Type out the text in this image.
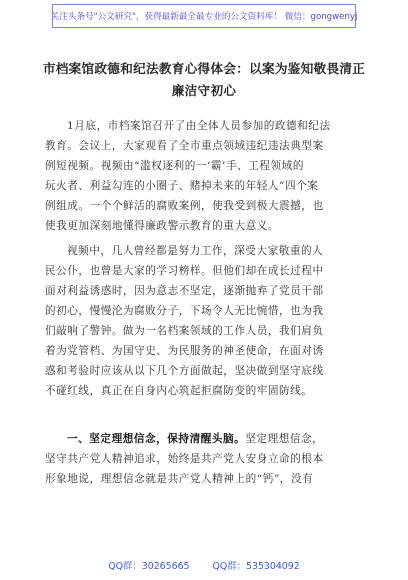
关注头条号"公文研究"，获得最新最全最专业的公文资料库！ 微信：gongwenyj
市档案馆政德和纪法教育心得体会：以案为鉴知敬畏清正
廉洁守初心
1月底，市档案馆召开了由全体人员参加的政德和纪法
教育。会议上，大家观看了全市重点领域违纪违法典型案
例短视频。视频由“滥权逐利的一‘霸’手、工程领域的
玩火者、利益勾连的小圈子、赌掉未来的年轻人”四个案
例组成。一个个鲜活的腐败案例，使我受到极大震撼，也
使我更加深刻地懂得廉政警示教育的重大意义。
视频中，几人曾经都是努力工作，深受大家敬重的人
民公仆，也曾是大家的学习榜样。但他们却在成长过程中
面对利益诱惑时，因为意志不坚定，逐渐抛弃了党员干部
的初心，慢慢沦为腐败分子，下场令人无比惋惜，也为我
们敲响了警钟。做为一名档案领域的工作人员，我们肩负
着为党管档、为国守史、为民服务的神圣使命，在面对诱
惑和考验时应该从以下几个方面做起，坚决做到坚守底线
不碰红线，真正在自身内心筑起拒腐防变的牢固防线。
一、坚定理想信念，保持清醒头脑。坚定理想信念，
坚守共产党人精神追求，始终是共产党人安身立命的根本
形象地说，理想信念就是共产党人精神上的“钙”，没有
QQ群：30265665 QQ群：535304092
